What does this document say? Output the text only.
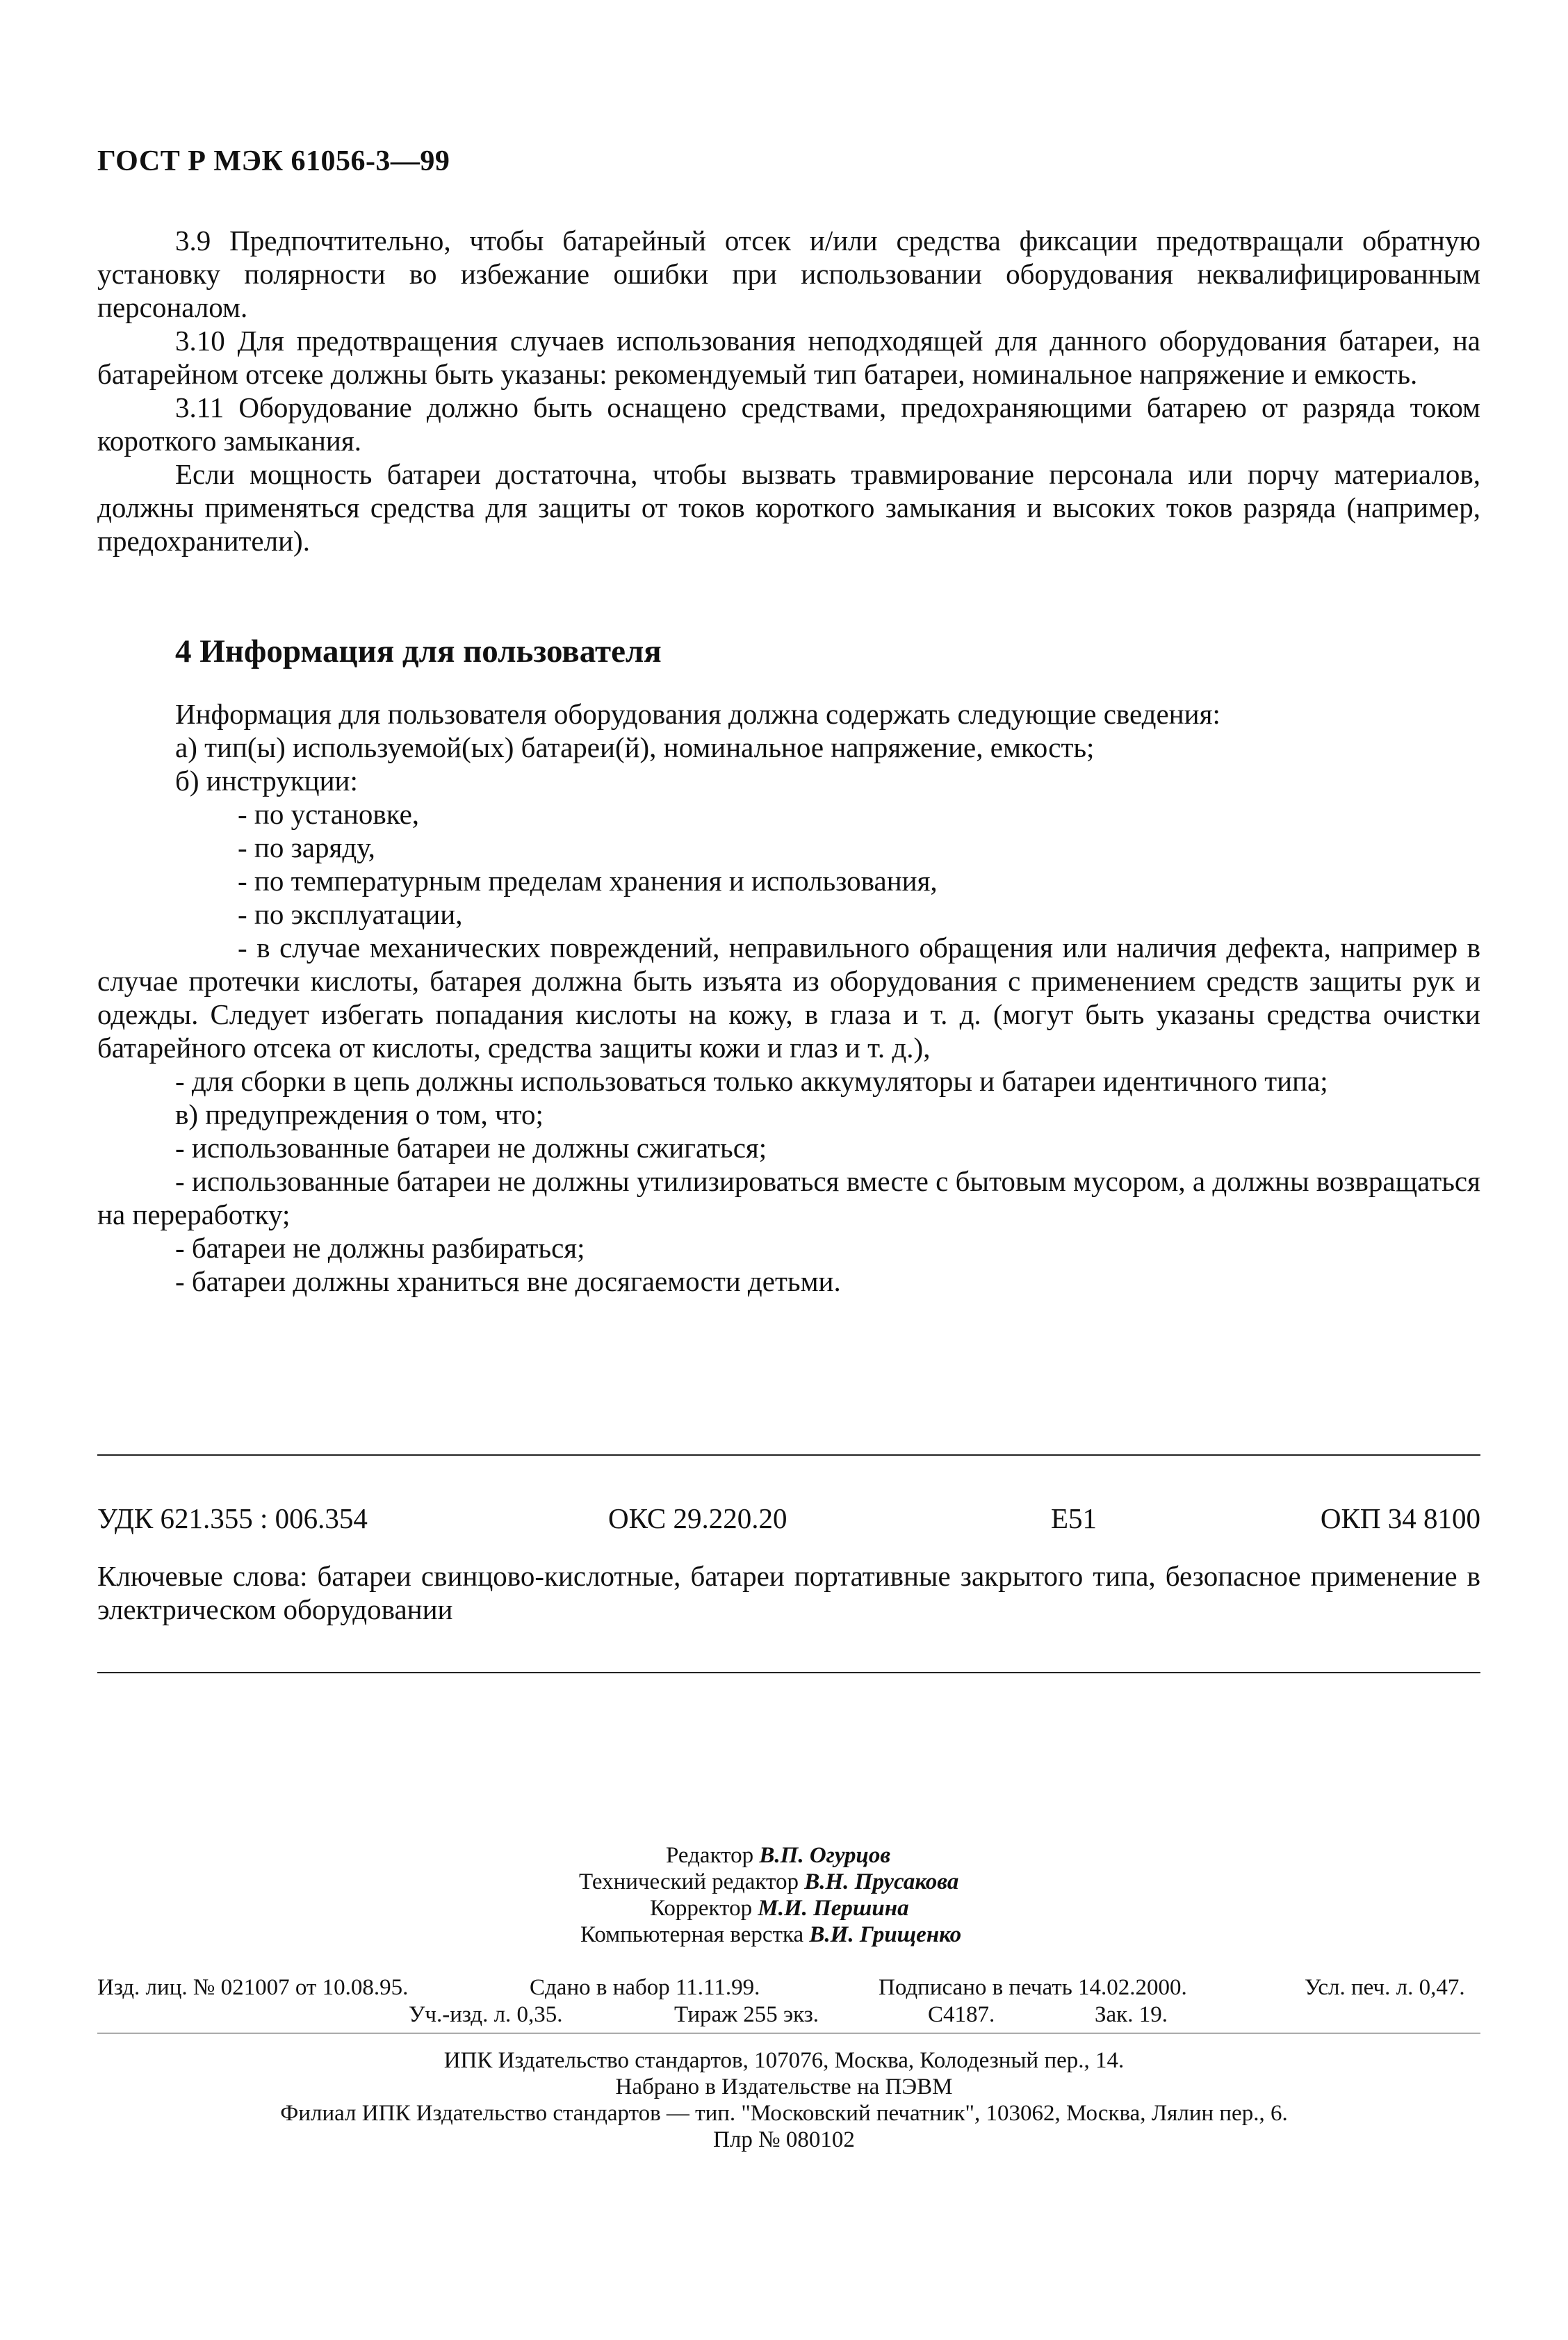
ГОСТ Р МЭК 61056-3—99

3.9 Предпочтительно, чтобы батарейный отсек и/или средства фиксации предотвращали обратную установку полярности во избежание ошибки при использовании оборудования неквалифицированным персоналом.

3.10 Для предотвращения случаев использования неподходящей для данного оборудования батареи, на батарейном отсеке должны быть указаны: рекомендуемый тип батареи, номинальное напряжение и емкость.

3.11 Оборудование должно быть оснащено средствами, предохраняющими батарею от разряда током короткого замыкания.

Если мощность батареи достаточна, чтобы вызвать травмирование персонала или порчу материалов, должны применяться средства для защиты от токов короткого замыкания и высоких токов разряда (например, предохранители).

4 Информация для пользователя

Информация для пользователя оборудования должна содержать следующие сведения:

а) тип(ы) используемой(ых) батареи(й), номинальное напряжение, емкость;

б) инструкции:

- по установке,

- по заряду,

- по температурным пределам хранения и использования,

- по эксплуатации,

- в случае механических повреждений, неправильного обращения или наличия дефекта, например в случае протечки кислоты, батарея должна быть изъята из оборудования с применением средств защиты рук и одежды. Следует избегать попадания кислоты на кожу, в глаза и т. д. (могут быть указаны средства очистки батарейного отсека от кислоты, средства защиты кожи и глаз и т. д.),

- для сборки в цепь должны использоваться только аккумуляторы и батареи идентичного типа;

в) предупреждения о том, что;

- использованные батареи не должны сжигаться;

- использованные батареи не должны утилизироваться вместе с бытовым мусором, а должны возвращаться на переработку;

- батареи не должны разбираться;

- батареи должны храниться вне досягаемости детьми.

УДК 621.355 : 006.354	ОКС 29.220.20	Е51	ОКП 34 8100
Ключевые слова: батареи свинцово-кислотные, батареи портативные закрытого типа, безопасное применение в электрическом оборудовании
Редактор В.П. Огурцов
Технический редактор В.Н. Прусакова
Корректор М.И. Першина
Компьютерная верстка В.И. Грищенко
Изд. лиц. № 021007 от 10.08.95.	Сдано в набор 11.11.99.	Подписано в печать 14.02.2000.	Усл. печ. л. 0,47.
Уч.-изд. л. 0,35.	Тираж 255 экз.	С4187.	Зак. 19.
ИПК Издательство стандартов, 107076, Москва, Колодезный пер., 14.
Набрано в Издательстве на ПЭВМ
Филиал ИПК Издательство стандартов — тип. "Московский печатник", 103062, Москва, Лялин пер., 6.
Плр № 080102
